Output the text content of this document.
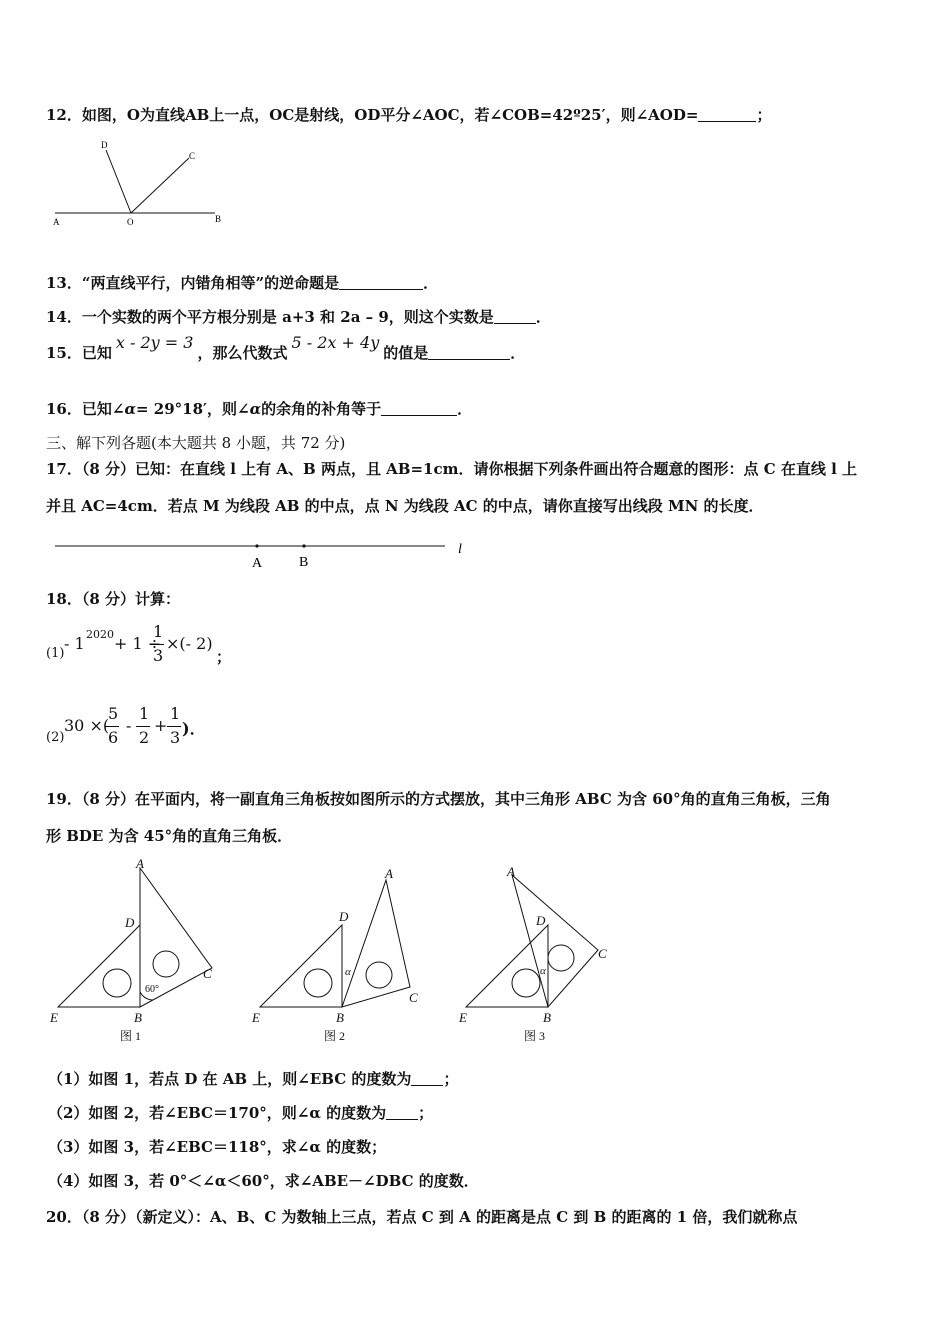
12．如图，O为直线AB上一点，OC是射线，OD平分∠AOC，若∠COB=42º25′，则∠AOD=	；
D
C
A	O	B
13．“两直线平行，内错角相等”的逆命题是	．
14．一个实数的两个平方根分别是 a+3 和 2a – 9，则这个实数是	．
15．已知x - 2y = 3，那么代数式5 - 2x + 4y的值是	．
16．已知∠α= 29°18′，则∠α的余角的补角等于	．
三、解下列各题(本大题共 8 小题，共 72 分)
17．（8 分）已知：在直线 l 上有 A、B 两点，且 AB=1cm．请你根据下列条件画出符合题意的图形：点 C 在直线 l 上
并且 AC=4cm．若点 M 为线段 AB 的中点，点 N 为线段 AC 的中点，请你直接写出线段 MN 的长度．
A	B
l
18．（8 分）计算：
(1)
- 1 2020 + 1 ÷
1
3
×(- 2)
；
(2)
30 ×(
5
6
-
1
2
+
1
3 )．
19．（8 分）在平面内，将一副直角三角板按如图所示的方式摆放，其中三角形 ABC 为含 60°角的直角三角板，三角
形 BDE 为含 45°角的直角三角板．
A
D
C
E	B
60°
图 1
A
D
α
C
E	B
图 2
A
D
C
α
E	B
图 3
（1）如图 1，若点 D 在 AB 上，则∠EBC 的度数为 ；
（2）如图 2，若∠EBC＝170°，则∠α 的度数为 ；
（3）如图 3，若∠EBC＝118°，求∠α 的度数；
（4）如图 3，若 0°＜∠α＜60°，求∠ABE－∠DBC 的度数．
20．（8 分）（新定义）：A、B、C 为数轴上三点，若点 C 到 A 的距离是点 C 到 B 的距离的 1 倍，我们就称点
